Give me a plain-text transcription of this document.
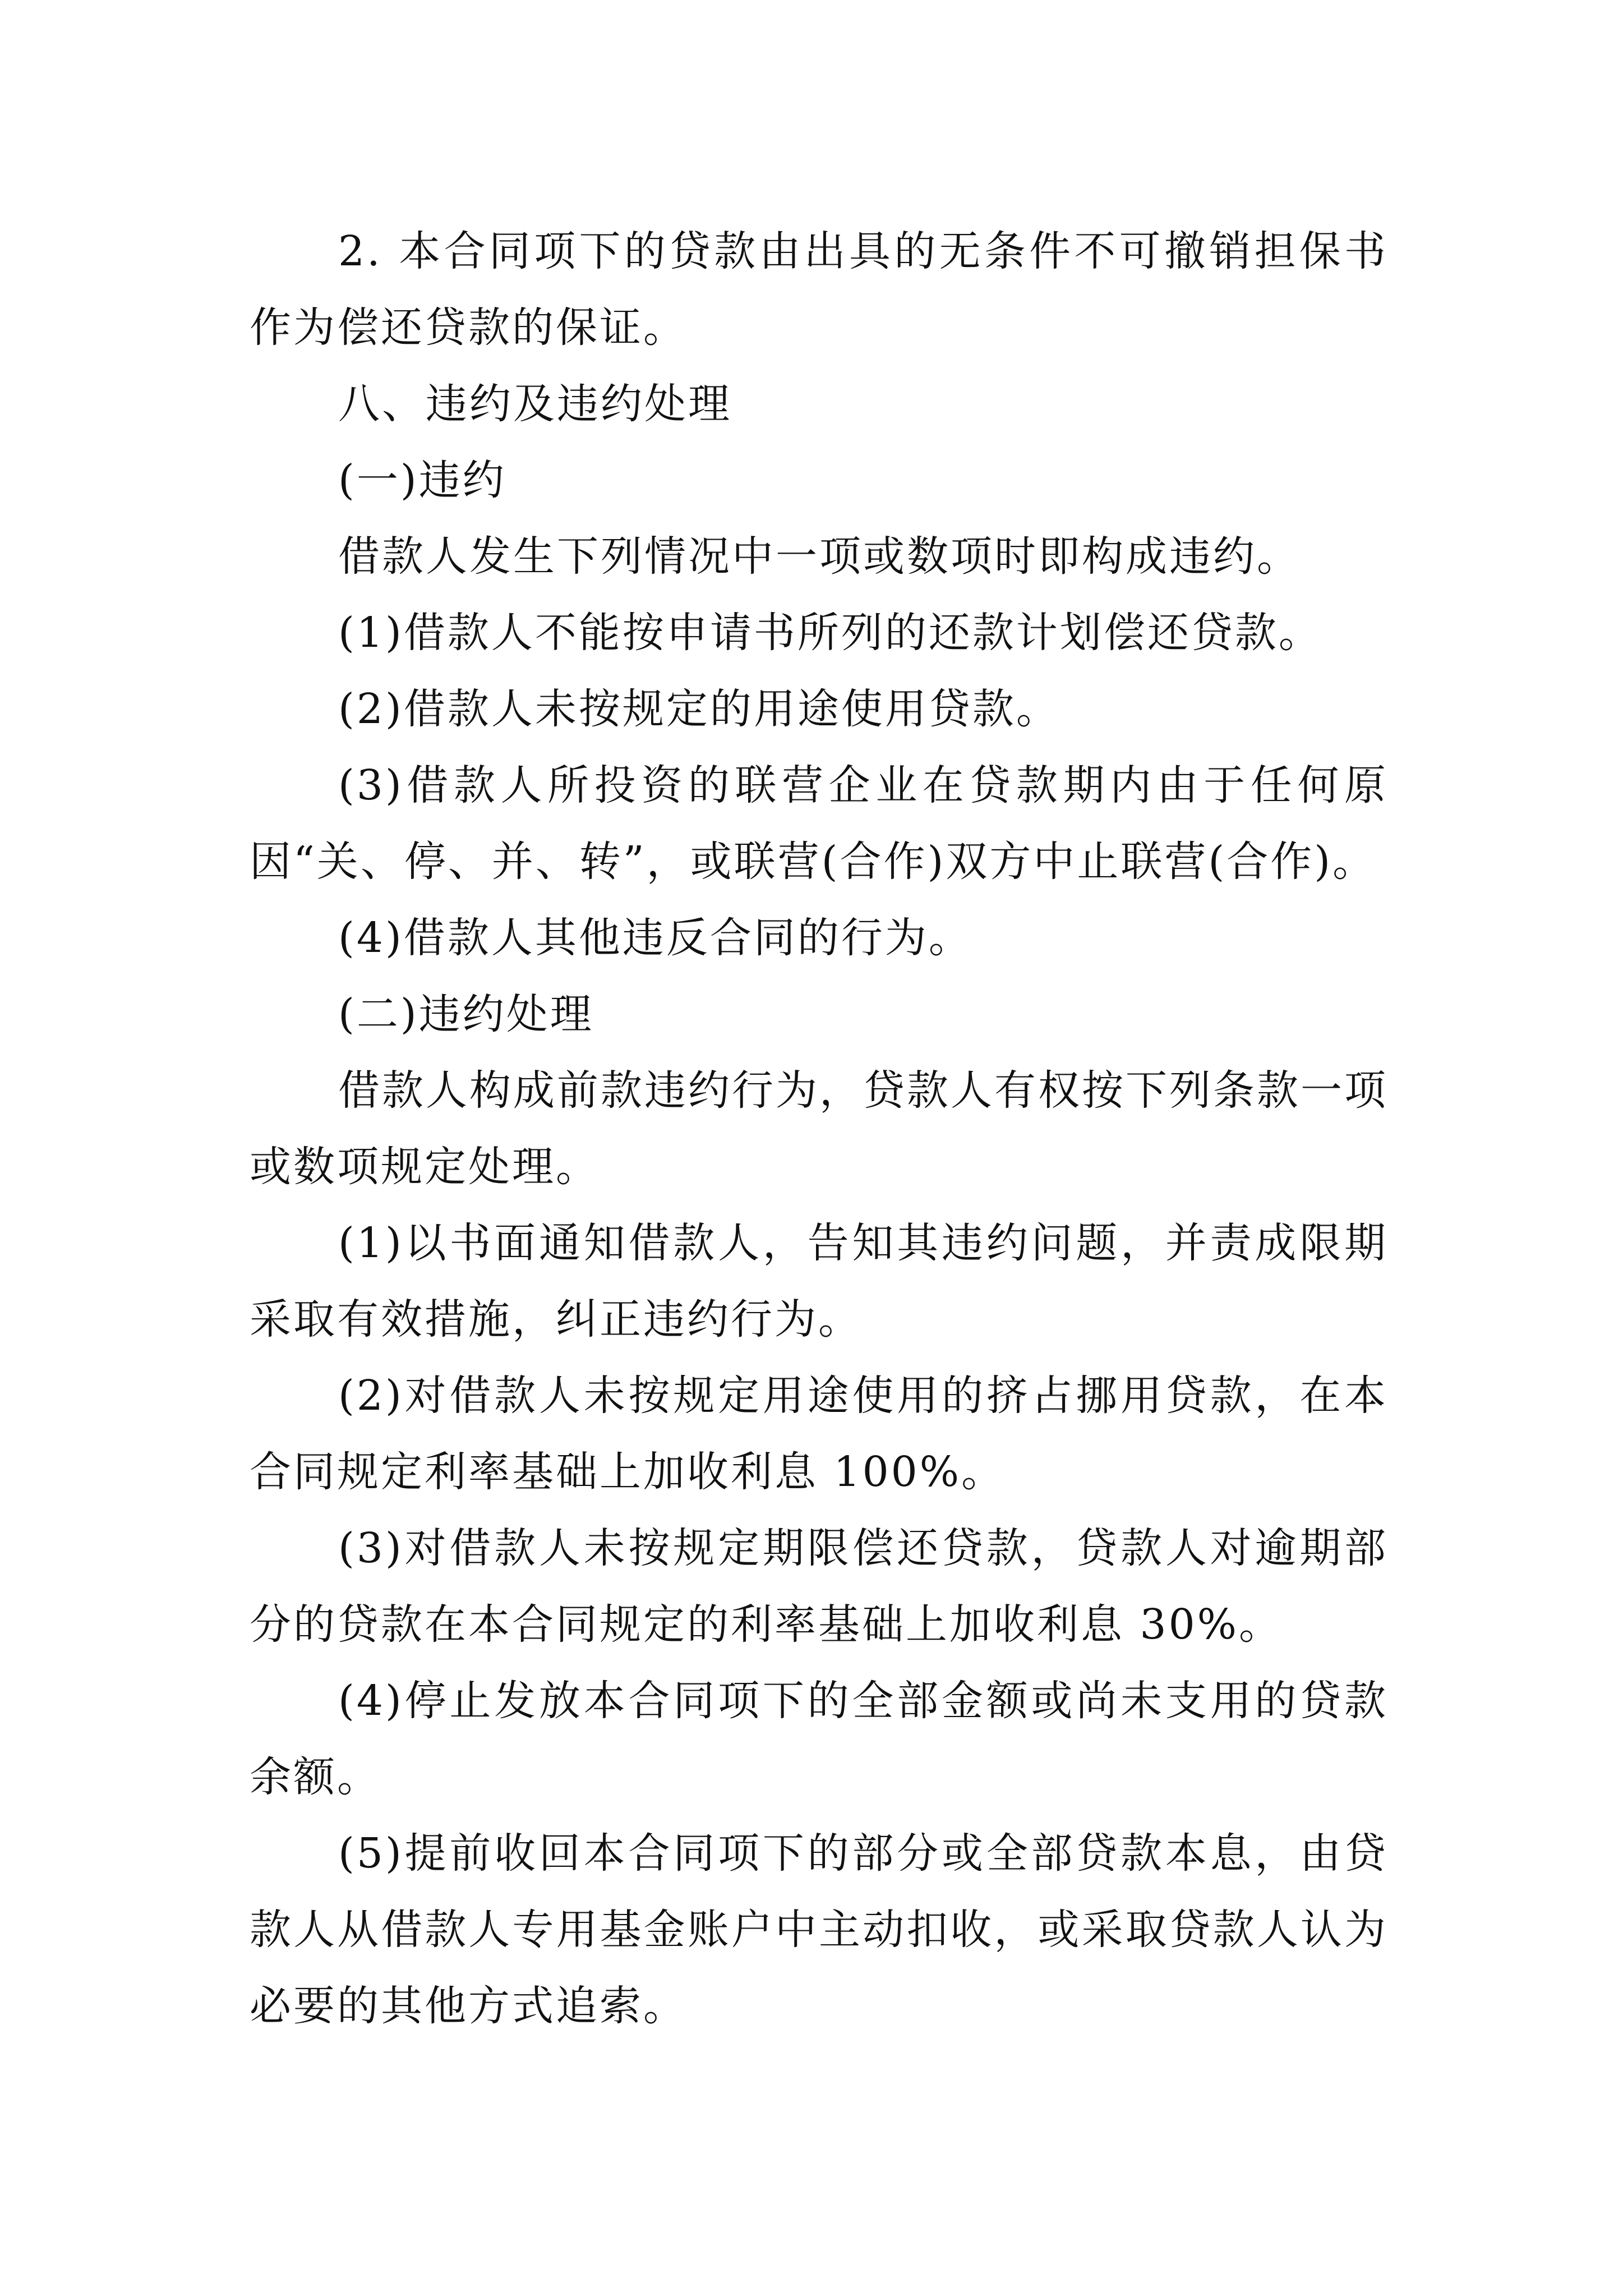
2. 本合同项下的贷款由出具的无条件不可撤销担保书作为偿还贷款的保证。

八、违约及违约处理

(一)违约

借款人发生下列情况中一项或数项时即构成违约。

(1)借款人不能按申请书所列的还款计划偿还贷款。

(2)借款人未按规定的用途使用贷款。

(3)借款人所投资的联营企业在贷款期内由于任何原因“关、停、并、转”，或联营(合作)双方中止联营(合作)。

(4)借款人其他违反合同的行为。

(二)违约处理

借款人构成前款违约行为，贷款人有权按下列条款一项或数项规定处理。

(1)以书面通知借款人，告知其违约问题，并责成限期采取有效措施，纠正违约行为。

(2)对借款人未按规定用途使用的挤占挪用贷款，在本合同规定利率基础上加收利息 100%。

(3)对借款人未按规定期限偿还贷款，贷款人对逾期部分的贷款在本合同规定的利率基础上加收利息 30%。

(4)停止发放本合同项下的全部金额或尚未支用的贷款余额。

(5)提前收回本合同项下的部分或全部贷款本息，由贷款人从借款人专用基金账户中主动扣收，或采取贷款人认为必要的其他方式追索。
